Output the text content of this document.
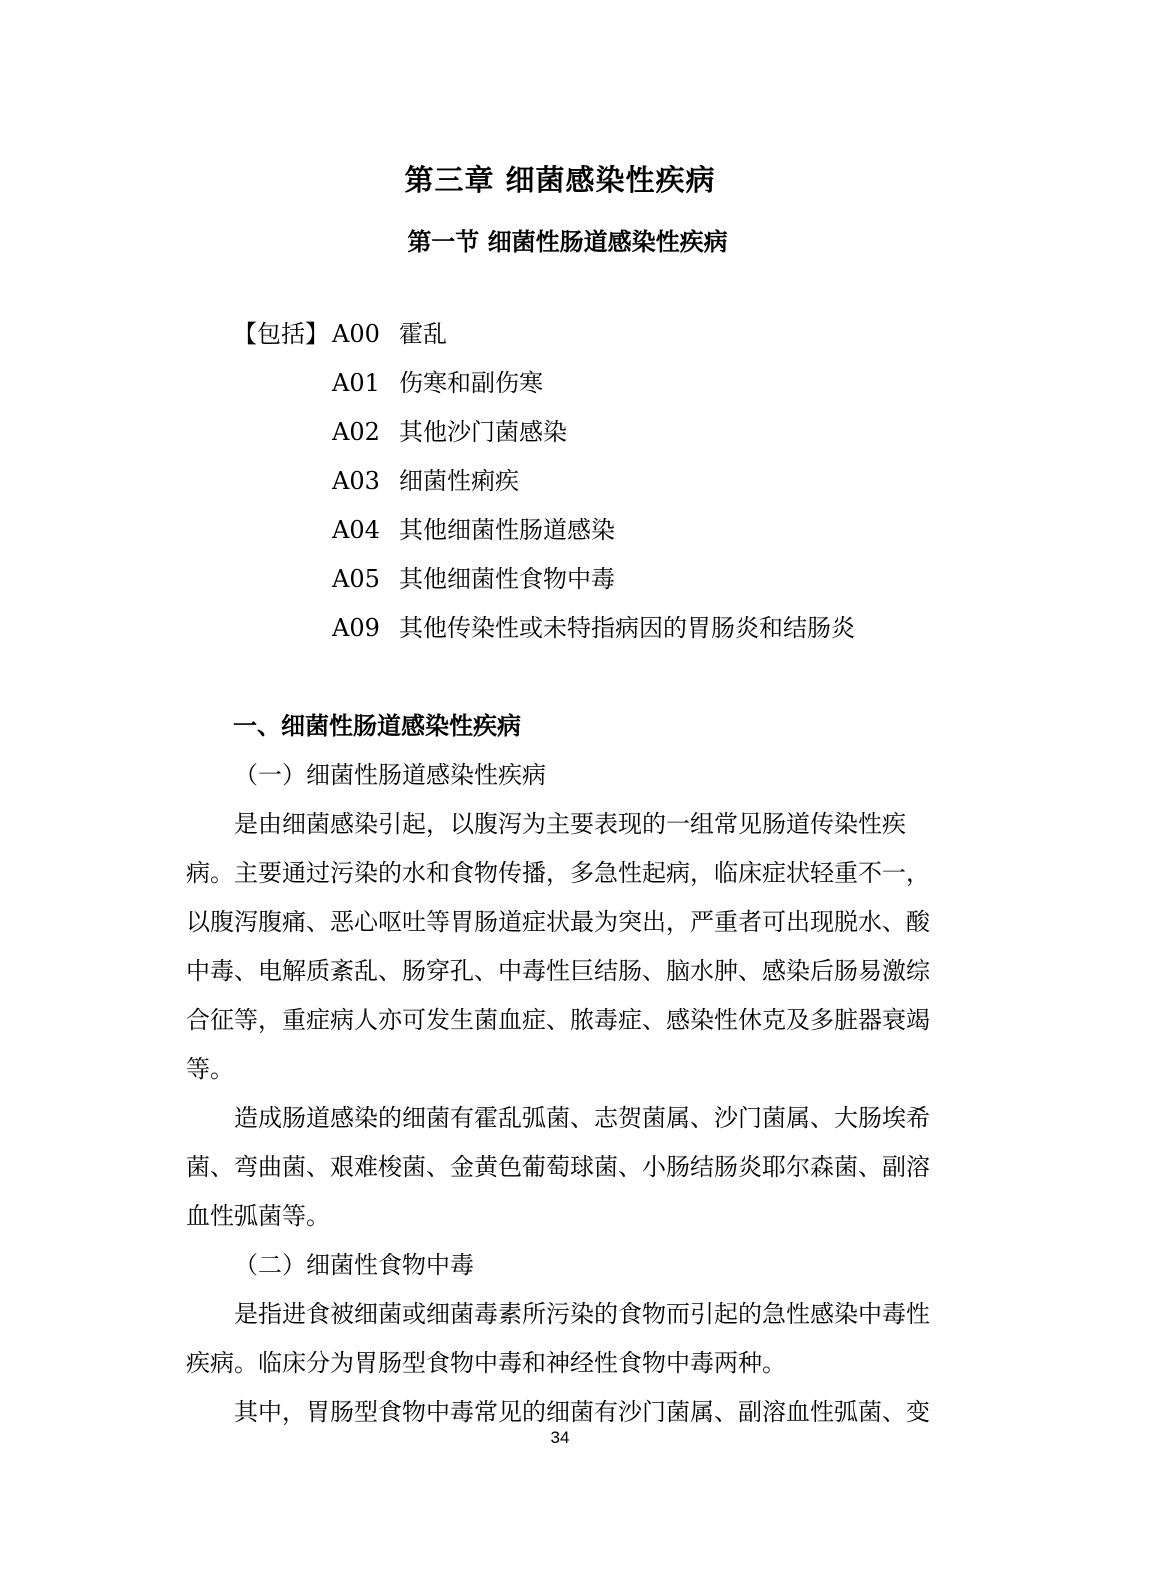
第三章 细菌感染性疾病
第一节 细菌性肠道感染性疾病
【包括】 A00 霍乱
A01 伤寒和副伤寒
A02 其他沙门菌感染
A03 细菌性痢疾
A04 其他细菌性肠道感染
A05 其他细菌性食物中毒
A09 其他传染性或未特指病因的胃肠炎和结肠炎
一、细菌性肠道感染性疾病

（一）细菌性肠道感染性疾病

是由细菌感染引起，以腹泻为主要表现的一组常见肠道传染性疾病。主要通过污染的水和食物传播，多急性起病，临床症状轻重不一，以腹泻腹痛、恶心呕吐等胃肠道症状最为突出，严重者可出现脱水、酸中毒、电解质紊乱、肠穿孔、中毒性巨结肠、脑水肿、感染后肠易激综合征等，重症病人亦可发生菌血症、脓毒症、感染性休克及多脏器衰竭等。

造成肠道感染的细菌有霍乱弧菌、志贺菌属、沙门菌属、大肠埃希菌、弯曲菌、艰难梭菌、金黄色葡萄球菌、小肠结肠炎耶尔森菌、副溶血性弧菌等。

（二）细菌性食物中毒

是指进食被细菌或细菌毒素所污染的食物而引起的急性感染中毒性疾病。临床分为胃肠型食物中毒和神经性食物中毒两种。

其中，胃肠型食物中毒常见的细菌有沙门菌属、副溶血性弧菌、变

34
